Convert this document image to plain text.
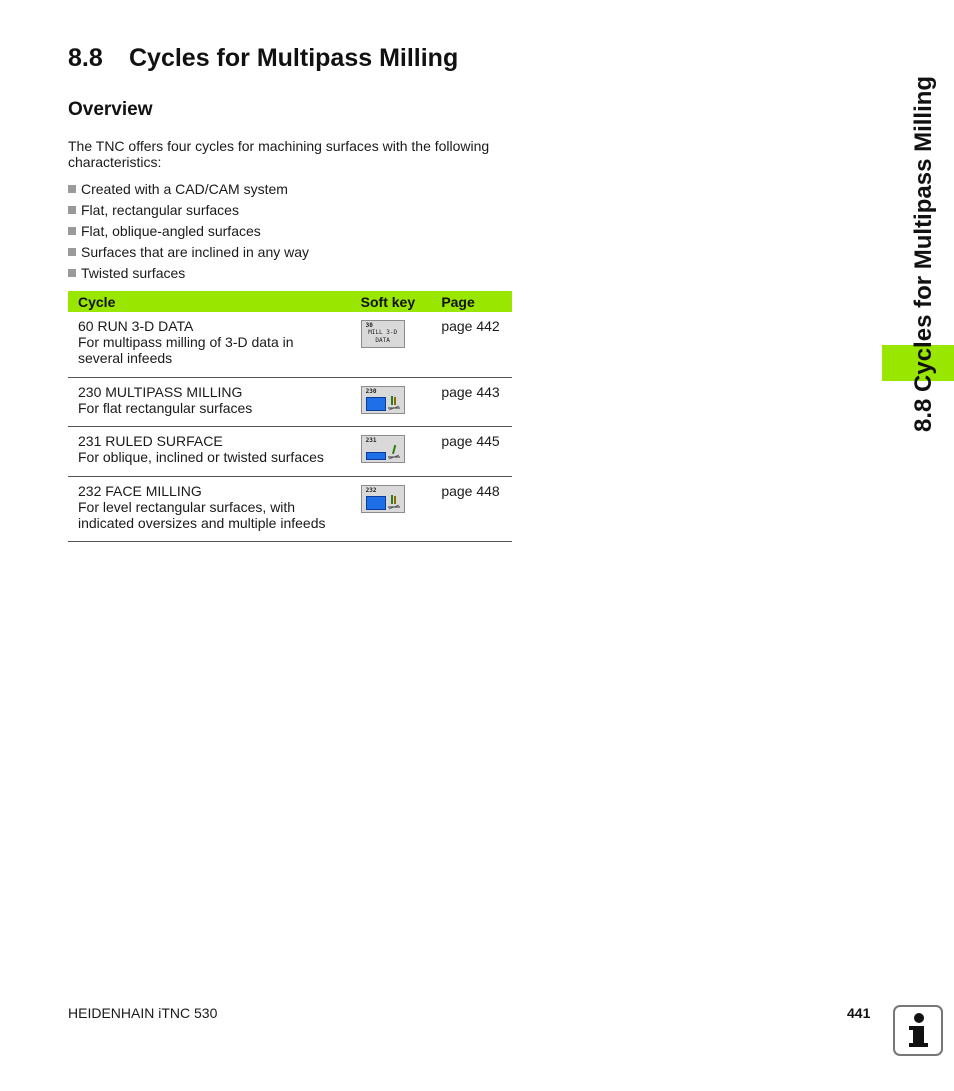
8.8 Cycles for Multipass Milling
Overview

The TNC offers four cycles for machining surfaces with the following characteristics:

Created with a CAD/CAM system
Flat, rectangular surfaces
Flat, oblique-angled surfaces
Surfaces that are inclined in any way
Twisted surfaces
Cycle	Soft key	Page

60 RUN 3-D DATA
For multipass milling of 3-D data in
several infeeds	30
MILL 3-D
DATA	page 442

230 MULTIPASS MILLING
For flat rectangular surfaces	230	page 443

231 RULED SURFACE
For oblique, inclined or twisted surfaces	231	page 445

232 FACE MILLING
For level rectangular surfaces, with
indicated oversizes and multiple infeeds	232	page 448
8.8 Cycles for Multipass Milling
HEIDENHAIN iTNC 530	441
